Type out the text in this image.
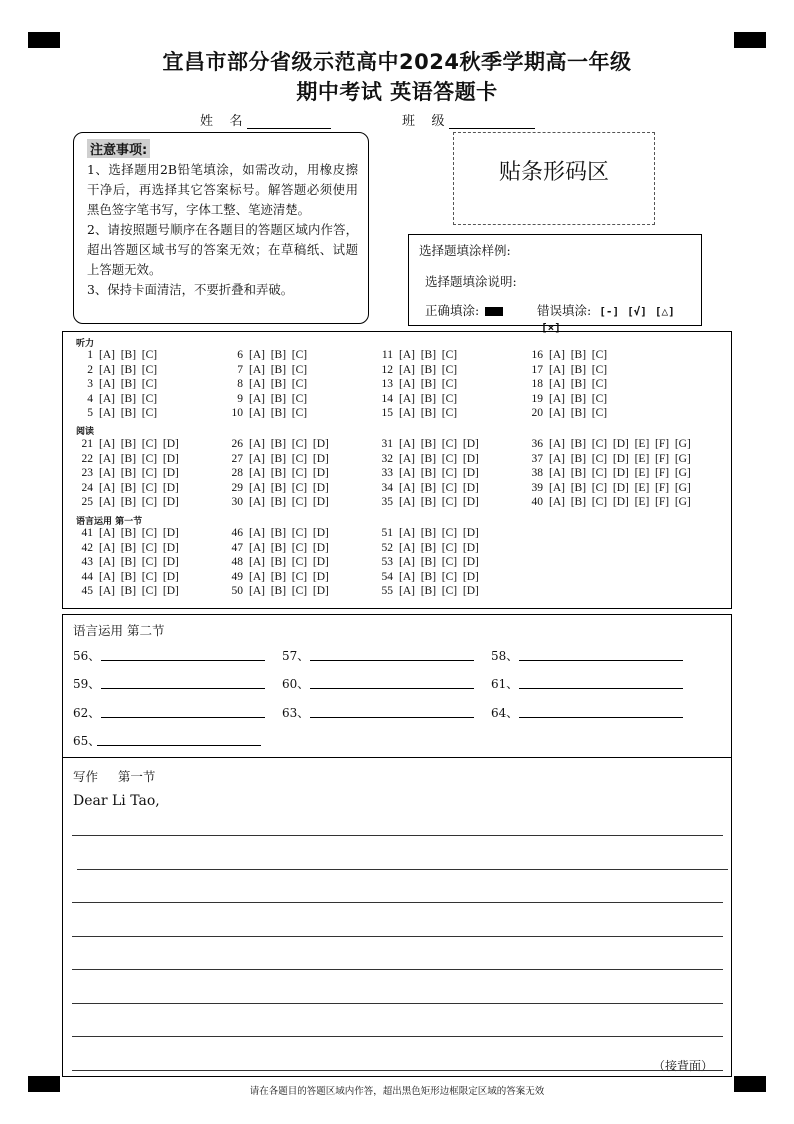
宜昌市部分省级示范高中2024秋季学期高一年级
期中考试 英语答题卡
姓    名	班    级
注意事项:

1、选择题用2B铅笔填涂，如需改动，用橡皮擦干净后，再选择其它答案标号。解答题必须使用黑色签字笔书写，字体工整、笔迹清楚。

2、请按照题号顺序在各题目的答题区域内作答，超出答题区域书写的答案无效；在草稿纸、试题上答题无效。

3、保持卡面清洁，不要折叠和弄破。

贴条形码区
选择题填涂样例:
选择题填涂说明:
正确填涂:	错误填涂: [-] [√] [△] [×]
听力
阅读
语言运用 第一节
1 [A]  [B]  [C]
2 [A]  [B]  [C]
3 [A]  [B]  [C]
4 [A]  [B]  [C]
5 [A]  [B]  [C]
6 [A]  [B]  [C]
7 [A]  [B]  [C]
8 [A]  [B]  [C]
9 [A]  [B]  [C]
10 [A]  [B]  [C]
11 [A]  [B]  [C]
12 [A]  [B]  [C]
13 [A]  [B]  [C]
14 [A]  [B]  [C]
15 [A]  [B]  [C]
16 [A]  [B]  [C]
17 [A]  [B]  [C]
18 [A]  [B]  [C]
19 [A]  [B]  [C]
20 [A]  [B]  [C]
21 [A]  [B]  [C]  [D]
22 [A]  [B]  [C]  [D]
23 [A]  [B]  [C]  [D]
24 [A]  [B]  [C]  [D]
25 [A]  [B]  [C]  [D]
26 [A]  [B]  [C]  [D]
27 [A]  [B]  [C]  [D]
28 [A]  [B]  [C]  [D]
29 [A]  [B]  [C]  [D]
30 [A]  [B]  [C]  [D]
31 [A]  [B]  [C]  [D]
32 [A]  [B]  [C]  [D]
33 [A]  [B]  [C]  [D]
34 [A]  [B]  [C]  [D]
35 [A]  [B]  [C]  [D]
36 [A]  [B]  [C]  [D]  [E]  [F]  [G]
37 [A]  [B]  [C]  [D]  [E]  [F]  [G]
38 [A]  [B]  [C]  [D]  [E]  [F]  [G]
39 [A]  [B]  [C]  [D]  [E]  [F]  [G]
40 [A]  [B]  [C]  [D]  [E]  [F]  [G]
41 [A]  [B]  [C]  [D]
42 [A]  [B]  [C]  [D]
43 [A]  [B]  [C]  [D]
44 [A]  [B]  [C]  [D]
45 [A]  [B]  [C]  [D]
46 [A]  [B]  [C]  [D]
47 [A]  [B]  [C]  [D]
48 [A]  [B]  [C]  [D]
49 [A]  [B]  [C]  [D]
50 [A]  [B]  [C]  [D]
51 [A]  [B]  [C]  [D]
52 [A]  [B]  [C]  [D]
53 [A]  [B]  [C]  [D]
54 [A]  [B]  [C]  [D]
55 [A]  [B]  [C]  [D]
语言运用 第二节
写作     第一节
Dear Li Tao,
（接背面）
56、	57、	58、
59、	60、	61、
62、	63、	64、
65、
请在各题目的答题区域内作答，超出黑色矩形边框限定区域的答案无效
